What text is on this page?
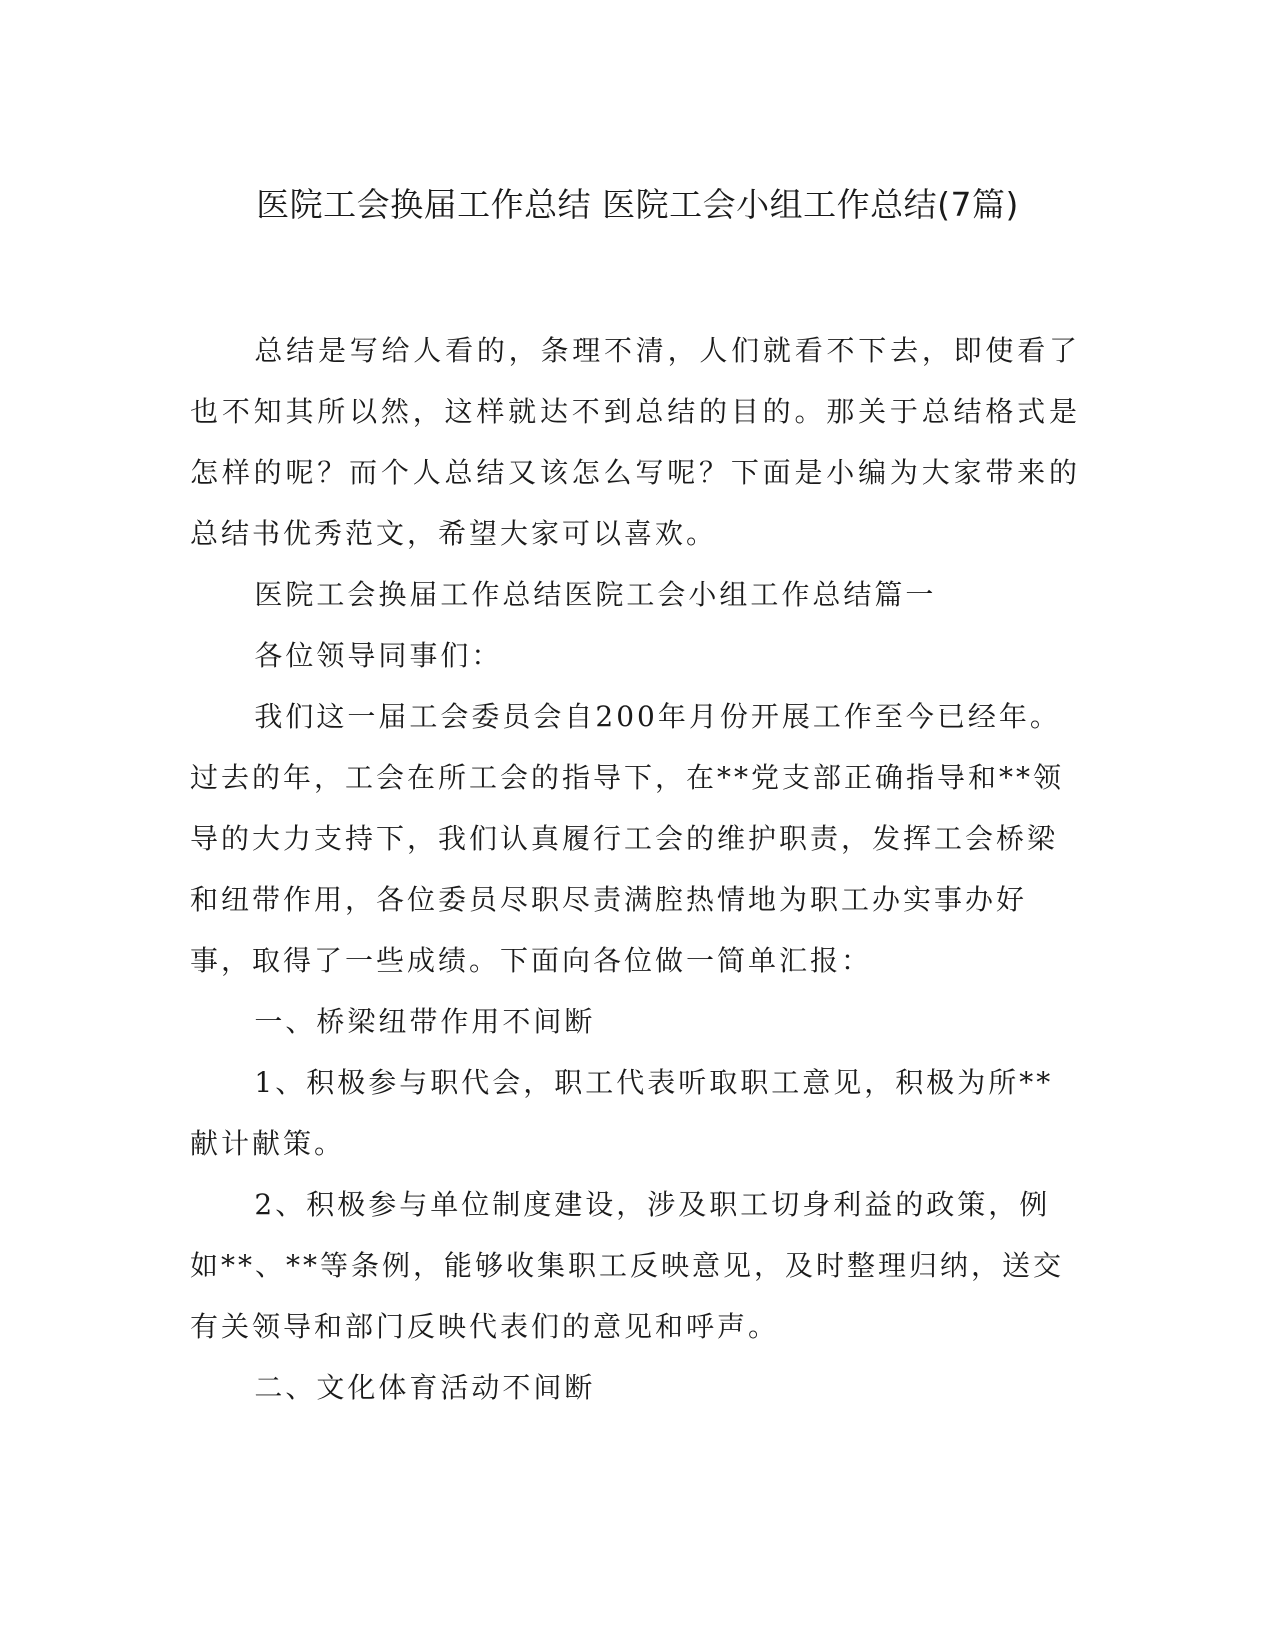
医院工会换届工作总结 医院工会小组工作总结(7篇)

总结是写给人看的，条理不清，人们就看不下去，即使看了也不知其所以然，这样就达不到总结的目的。那关于总结格式是怎样的呢？而个人总结又该怎么写呢？下面是小编为大家带来的总结书优秀范文，希望大家可以喜欢。

医院工会换届工作总结医院工会小组工作总结篇一

各位领导同事们：

我们这一届工会委员会自200年月份开展工作至今已经年。过去的年，工会在所工会的指导下，在**党支部正确指导和**领导的大力支持下，我们认真履行工会的维护职责，发挥工会桥梁和纽带作用，各位委员尽职尽责满腔热情地为职工办实事办好事，取得了一些成绩。下面向各位做一简单汇报：

一、桥梁纽带作用不间断

1、积极参与职代会，职工代表听取职工意见，积极为所**献计献策。

2、积极参与单位制度建设，涉及职工切身利益的政策，例如**、**等条例，能够收集职工反映意见，及时整理归纳，送交有关领导和部门反映代表们的意见和呼声。

二、文化体育活动不间断
